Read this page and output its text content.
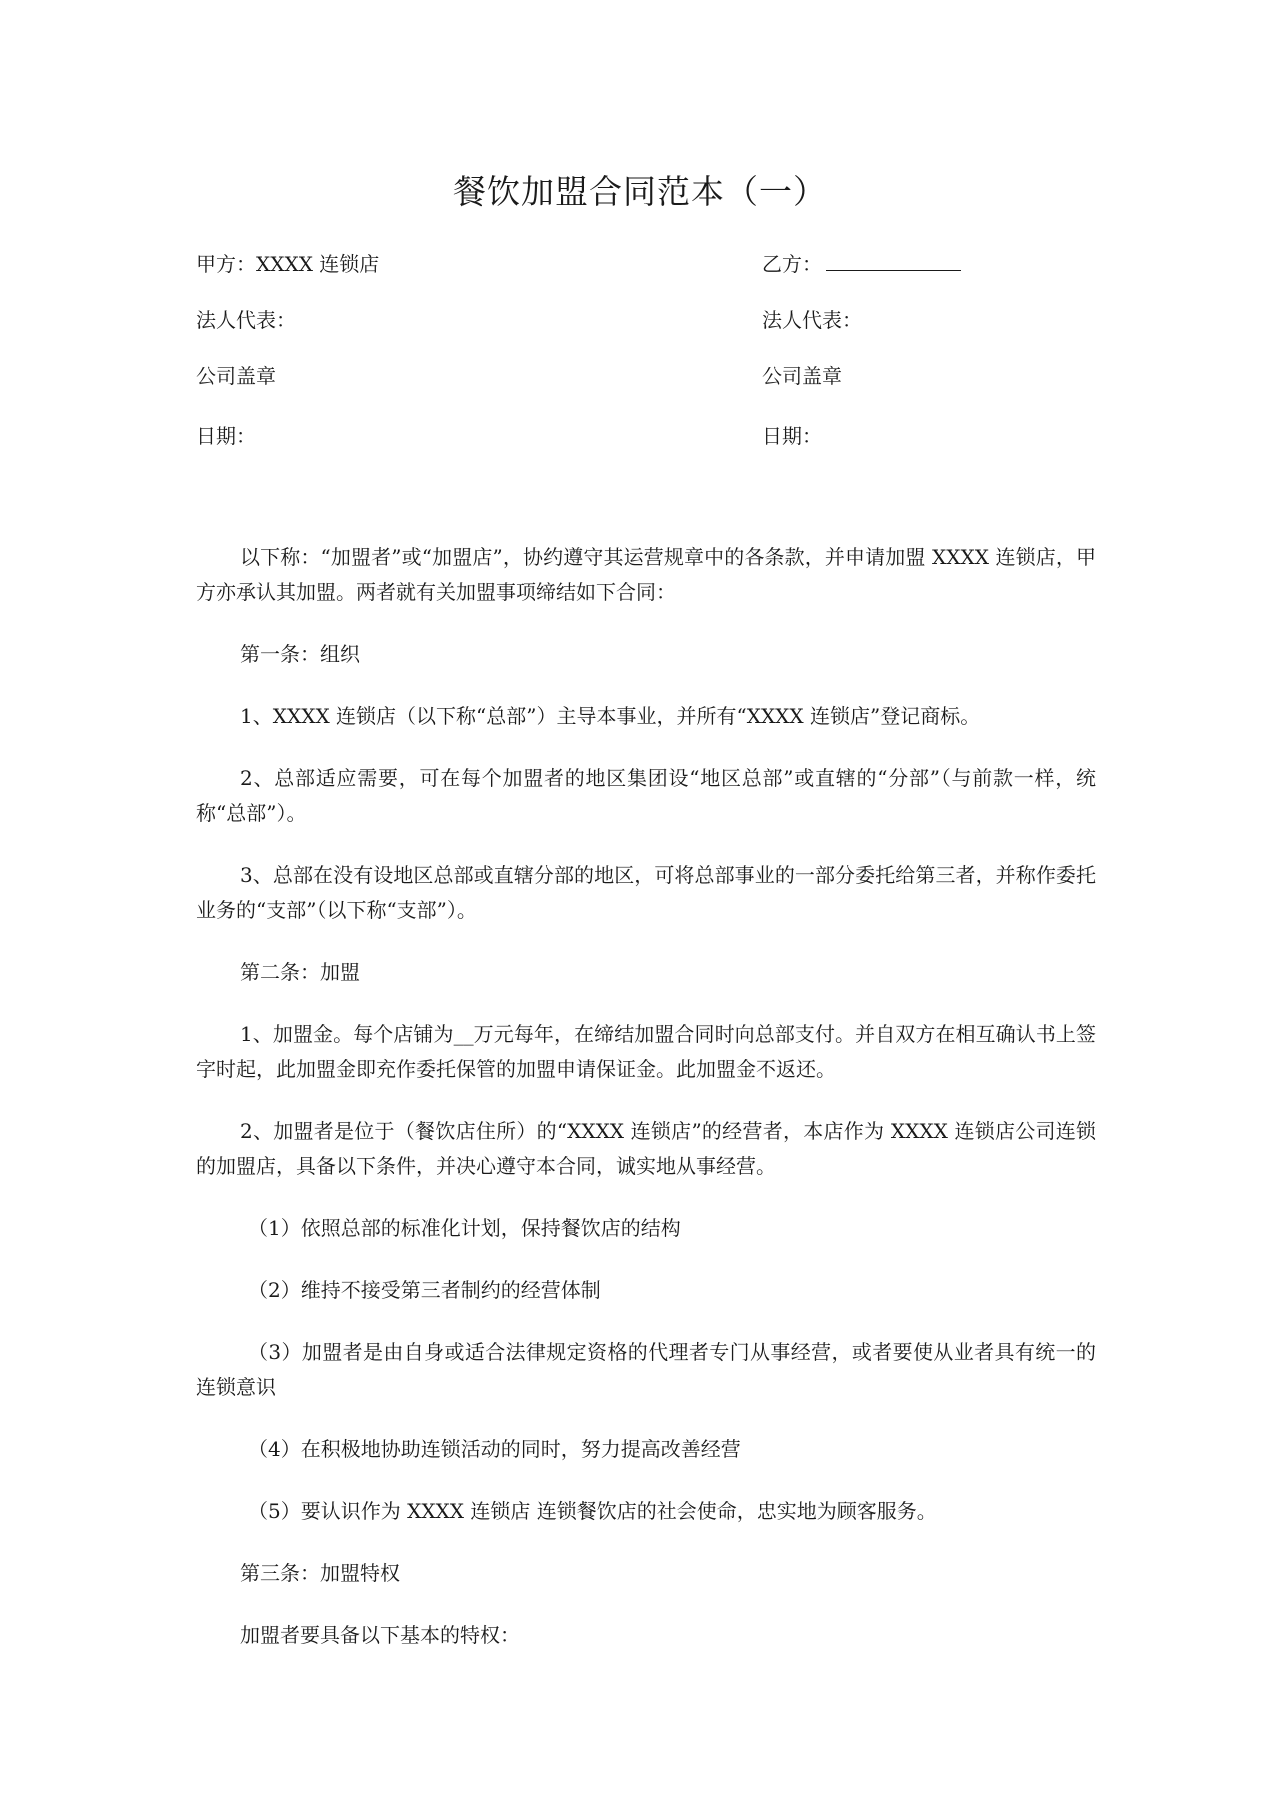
餐饮加盟合同范本（一）
甲方：XXXX 连锁店
法人代表：
公司盖章
日期：
乙方：
法人代表：
公司盖章
日期：

以下称：“加盟者”或“加盟店”，协约遵守其运营规章中的各条款，并申请加盟 XXXX 连锁店，甲方亦承认其加盟。两者就有关加盟事项缔结如下合同：

第一条：组织

1、XXXX 连锁店（以下称“总部”）主导本事业，并所有“XXXX 连锁店”登记商标。

2、总部适应需要，可在每个加盟者的地区集团设“地区总部”或直辖的“分部”（与前款一样，统称“总部”）。

3、总部在没有设地区总部或直辖分部的地区，可将总部事业的一部分委托给第三者，并称作委托业务的“支部”（以下称“支部”）。

第二条：加盟

1、加盟金。每个店铺为__万元每年，在缔结加盟合同时向总部支付。并自双方在相互确认书上签字时起，此加盟金即充作委托保管的加盟申请保证金。此加盟金不返还。

2、加盟者是位于（餐饮店住所）的“XXXX 连锁店”的经营者，本店作为 XXXX 连锁店公司连锁的加盟店，具备以下条件，并决心遵守本合同，诚实地从事经营。

（1）依照总部的标准化计划，保持餐饮店的结构

（2）维持不接受第三者制约的经营体制

（3）加盟者是由自身或适合法律规定资格的代理者专门从事经营，或者要使从业者具有统一的连锁意识

（4）在积极地协助连锁活动的同时，努力提高改善经营

（5）要认识作为 XXXX 连锁店 连锁餐饮店的社会使命，忠实地为顾客服务。

第三条：加盟特权

加盟者要具备以下基本的特权：
